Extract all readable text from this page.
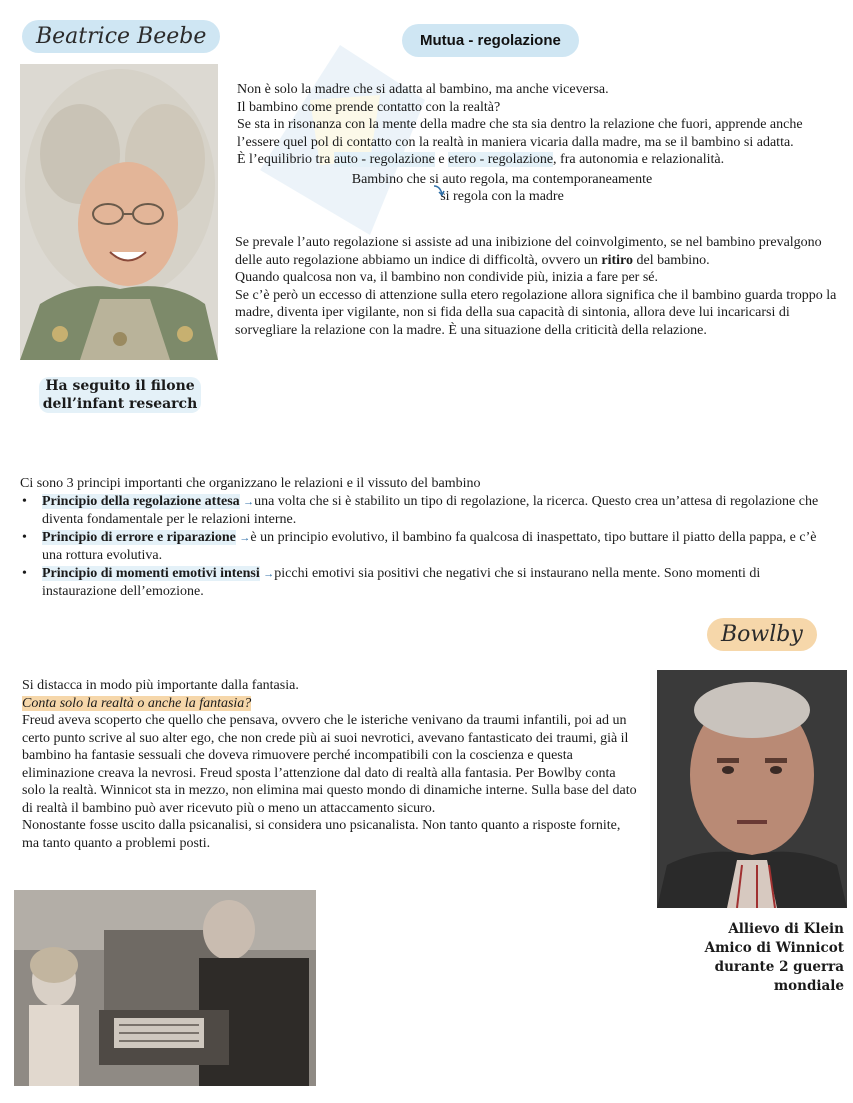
Beatrice Beebe	Mutua - regolazione
Ha seguito il filone
dell’infant research

Non è solo la madre che si adatta al bambino, ma anche viceversa.

Il bambino come prende contatto con la realtà?

Se sta in risonanza con la mente della madre che sta sia dentro la relazione che fuori, apprende anche l’essere quel pol di contatto con la realtà in maniera vicaria dalla madre, ma se il bambino si adatta.

È l’equilibrio tra auto - regolazione e etero - regolazione, fra autonomia e relazionalità.

Bambino che si auto regola, ma contemporaneamente

si regola con la madre

Se prevale l’auto regolazione si assiste ad una inibizione del coinvolgimento, se nel bambino prevalgono delle auto regolazione abbiamo un indice di difficoltà, ovvero un ritiro del bambino.

Quando qualcosa non va, il bambino non condivide più, inizia a fare per sé.

Se c’è però un eccesso di attenzione sulla etero regolazione allora significa che il bambino guarda troppo la madre, diventa iper vigilante, non si fida della sua capacità di sintonia, allora deve lui incaricarsi di sorvegliare la relazione con la madre. È una situazione della criticità della relazione.

Ci sono 3 principi importanti che organizzano le relazioni e il vissuto del bambino

• Principio della regolazione attesa →una volta che si è stabilito un tipo di regolazione, la ricerca. Questo crea un’attesa di regolazione che diventa fondamentale per le relazioni interne.
• Principio di errore e riparazione →è un principio evolutivo, il bambino fa qualcosa di inaspettato, tipo buttare il piatto della pappa, e c’è una rottura evolutiva.
• Principio di momenti emotivi intensi →picchi emotivi sia positivi che negativi che si instaurano nella mente. Sono momenti di instaurazione dell’emozione.
Bowlby

Si distacca in modo più importante dalla fantasia.

Conta solo la realtà o anche la fantasia?

Freud aveva scoperto che quello che pensava, ovvero che le isteriche venivano da traumi infantili, poi ad un certo punto scrive al suo alter ego, che non crede più ai suoi nevrotici, avevano fantasticato dei traumi, già il bambino ha fantasie sessuali che doveva rimuovere perché incompatibili con la coscienza e questa eliminazione creava la nevrosi. Freud sposta l’attenzione dal dato di realtà alla fantasia. Per Bowlby conta solo la realtà. Winnicot sta in mezzo, non elimina mai questo mondo di dinamiche interne. Sulla base del dato di realtà il bambino può aver ricevuto più o meno un attaccamento sicuro.

Nonostante fosse uscito dalla psicanalisi, si considera uno psicanalista. Non tanto quanto a risposte fornite, ma tanto quanto a problemi posti.

Allievo di Klein
Amico di Winnicot
durante 2 guerra
mondiale
